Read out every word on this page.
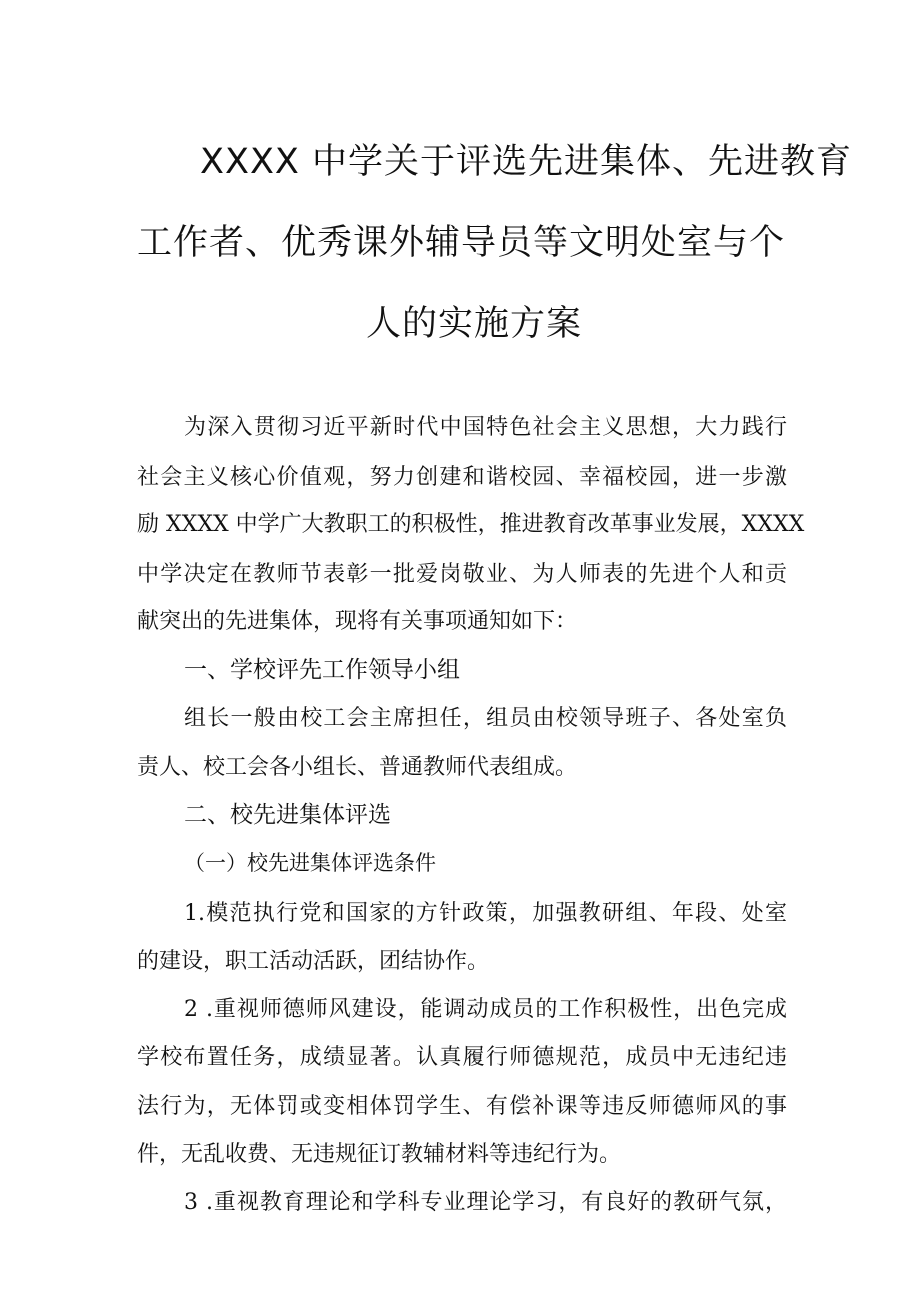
XXXX 中学关于评选先进集体、先进教育
工作者、优秀课外辅导员等文明处室与个
人的实施方案
为深入贯彻习近平新时代中国特色社会主义思想，大力践行
社会主义核心价值观，努力创建和谐校园、幸福校园，进一步激
励 XXXX 中学广大教职工的积极性，推进教育改革事业发展，XXXX
中学决定在教师节表彰一批爱岗敬业、为人师表的先进个人和贡
献突出的先进集体，现将有关事项通知如下：
一、学校评先工作领导小组
组长一般由校工会主席担任，组员由校领导班子、各处室负
责人、校工会各小组长、普通教师代表组成。
二、校先进集体评选
（一）校先进集体评选条件
1.模范执行党和国家的方针政策，加强教研组、年段、处室
的建设，职工活动活跃，团结协作。
2 .重视师德师风建设，能调动成员的工作积极性，出色完成
学校布置任务，成绩显著。认真履行师德规范，成员中无违纪违
法行为，无体罚或变相体罚学生、有偿补课等违反师德师风的事
件，无乱收费、无违规征订教辅材料等违纪行为。
3 .重视教育理论和学科专业理论学习，有良好的教研气氛，
